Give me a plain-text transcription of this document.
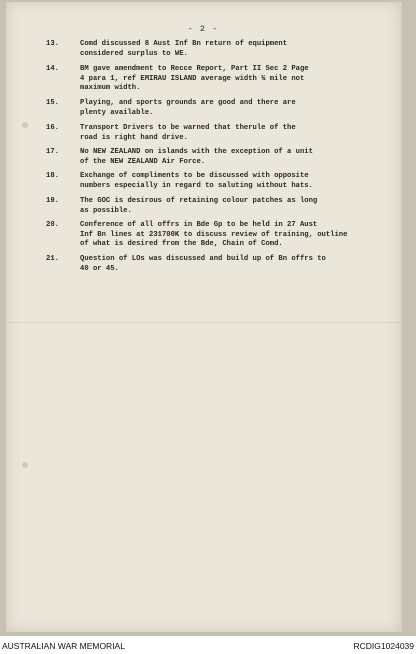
- 2 -
13.	Comd discussed 8 Aust Inf Bn return of equipment
considered surplus to WE.
14.	BM gave amendment to Recce Report, Part II Sec 2 Page
4 para 1, ref EMIRAU ISLAND average width ¾ mile not
maximum width.
15.	Playing, and sports grounds are good and there are
plenty available.
16.	Transport Drivers to be warned that therule of the
road is right hand drive.
17.	No NEW ZEALAND on islands with the exception of a unit
of the NEW ZEALAND Air Force.
18.	Exchange of compliments to be discussed with opposite
numbers especially in regard to saluting without hats.
19.	The GOC is desirous of retaining colour patches as long
as possible.
20.	Conference of all offrs in Bde Gp to be held in 27 Aust
Inf Bn lines at 231700K to discuss review of training, outline
of what is desired from the Bde, Chain of Comd.
21.	Question of LOs was discussed and build up of Bn offrs to
40 or 45.
AUSTRALIAN WAR MEMORIAL	RCDIG1024039
